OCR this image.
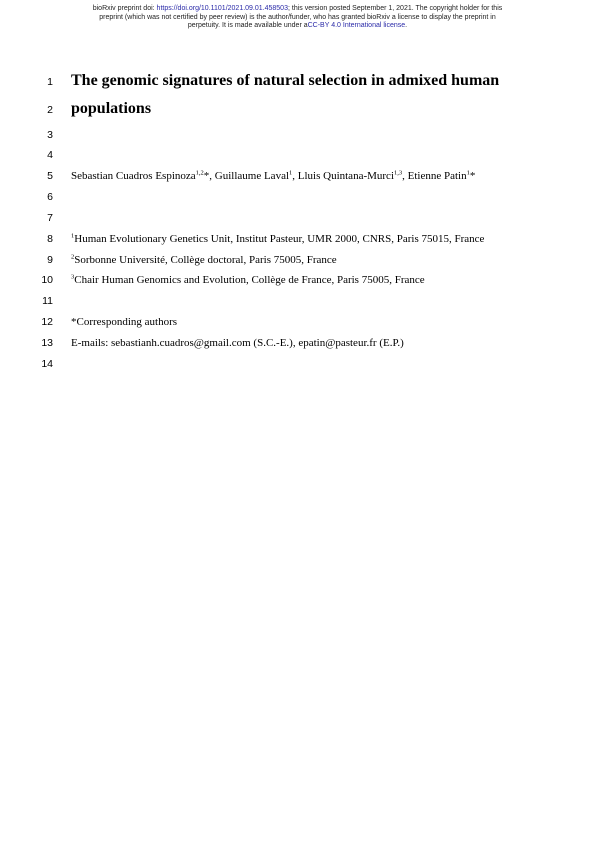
bioRxiv preprint doi: https://doi.org/10.1101/2021.09.01.458503; this version posted September 1, 2021. The copyright holder for this
preprint (which was not certified by peer review) is the author/funder, who has granted bioRxiv a license to display the preprint in
perpetuity. It is made available under aCC-BY 4.0 International license.
1 The genomic signatures of natural selection in admixed human
2 populations
3
4
5 Sebastian Cuadros Espinoza$^{1,2}$*, Guillaume Laval$^1$, Lluis Quintana-Murci$^{1,3}$, Etienne Patin$^1$*
6
7
8	$^1$Human Evolutionary Genetics Unit, Institut Pasteur, UMR 2000, CNRS, Paris 75015, France
9	$^2$Sorbonne Université, Collège doctoral, Paris 75005, France
10	$^3$Chair Human Genomics and Evolution, Collège de France, Paris 75005, France
11
12 *Corresponding authors
13 E-mails: sebastianh.cuadros@gmail.com (S.C.-E.), epatin@pasteur.fr (E.P.)
14
